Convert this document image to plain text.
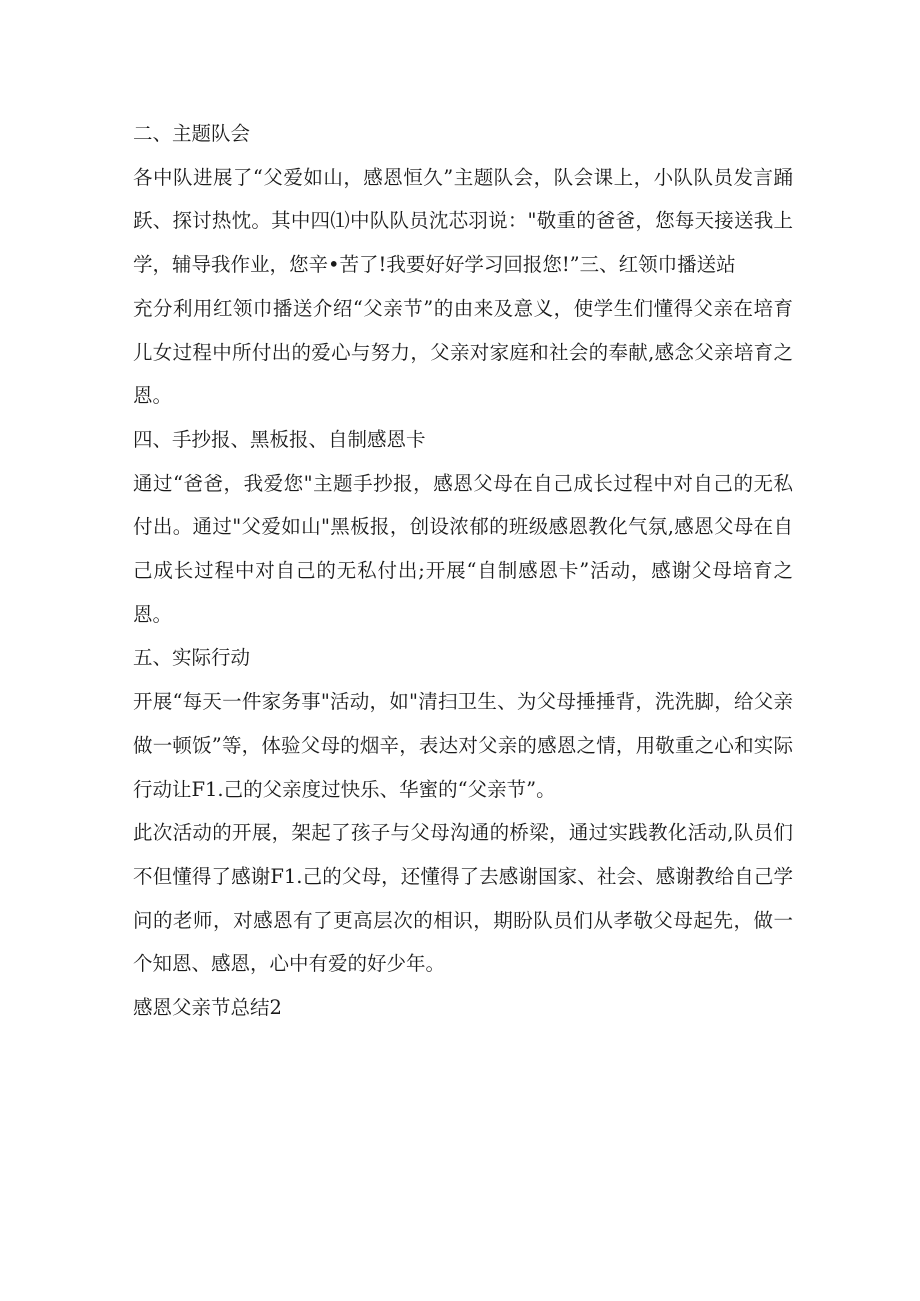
二、主题队会

各中队进展了“父爱如山，感恩恒久”主题队会，队会课上，小队队员发言踊跃、探讨热忱。其中四⑴中队队员沈芯羽说："敬重的爸爸，您每天接送我上学，辅导我作业，您辛•苦了!我要好好学习回报您!”三、红领巾播送站

充分利用红领巾播送介绍“父亲节”的由来及意义，使学生们懂得父亲在培育儿女过程中所付出的爱心与努力，父亲对家庭和社会的奉献,感念父亲培育之恩。

四、手抄报、黑板报、自制感恩卡

通过“爸爸，我爱您"主题手抄报，感恩父母在自己成长过程中对自己的无私付出。通过"父爱如山"黑板报，创设浓郁的班级感恩教化气氛,感恩父母在自己成长过程中对自己的无私付出;开展“自制感恩卡”活动，感谢父母培育之恩。

五、实际行动

开展“每天一件家务事"活动，如"清扫卫生、为父母捶捶背，洗洗脚，给父亲做一顿饭”等，体验父母的烟辛，表达对父亲的感恩之情，用敬重之心和实际行动让F1.己的父亲度过快乐、华蜜的“父亲节”。

此次活动的开展，架起了孩子与父母沟通的桥梁，通过实践教化活动,队员们不但懂得了感谢F1.己的父母，还懂得了去感谢国家、社会、感谢教给自己学问的老师，对感恩有了更高层次的相识，期盼队员们从孝敬父母起先，做一个知恩、感恩，心中有爱的好少年。

感恩父亲节总结2
